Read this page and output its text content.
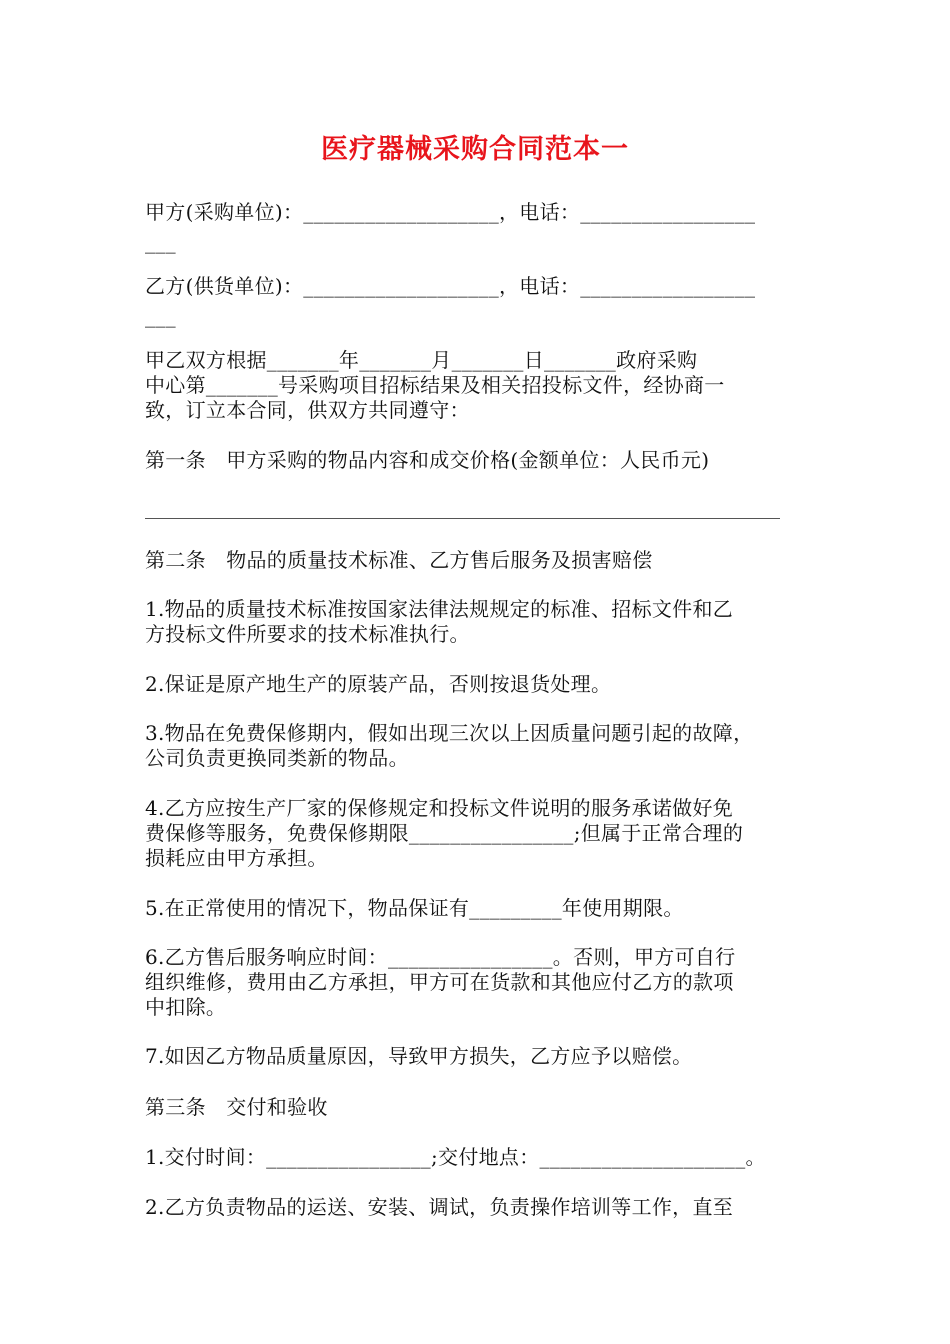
医疗器械采购合同范本一
甲方(采购单位)：___________________，电话：_________________
___
乙方(供货单位)：___________________，电话：_________________
___
甲乙双方根据_______年_______月_______日_______政府采购
中心第_______号采购项目招标结果及相关招投标文件，经协商一
致，订立本合同，供双方共同遵守：
第一条　甲方采购的物品内容和成交价格(金额单位：人民币元)
第二条　物品的质量技术标准、乙方售后服务及损害赔偿
1.物品的质量技术标准按国家法律法规规定的标准、招标文件和乙
方投标文件所要求的技术标准执行。
2.保证是原产地生产的原装产品，否则按退货处理。
3.物品在免费保修期内，假如出现三次以上因质量问题引起的故障，
公司负责更换同类新的物品。
4.乙方应按生产厂家的保修规定和投标文件说明的服务承诺做好免
费保修等服务，免费保修期限________________;但属于正常合理的
损耗应由甲方承担。
5.在正常使用的情况下，物品保证有_________年使用期限。
6.乙方售后服务响应时间：________________。否则，甲方可自行
组织维修，费用由乙方承担，甲方可在货款和其他应付乙方的款项
中扣除。
7.如因乙方物品质量原因，导致甲方损失，乙方应予以赔偿。
第三条　交付和验收
1.交付时间：________________;交付地点：____________________。
2.乙方负责物品的运送、安装、调试，负责操作培训等工作，直至
